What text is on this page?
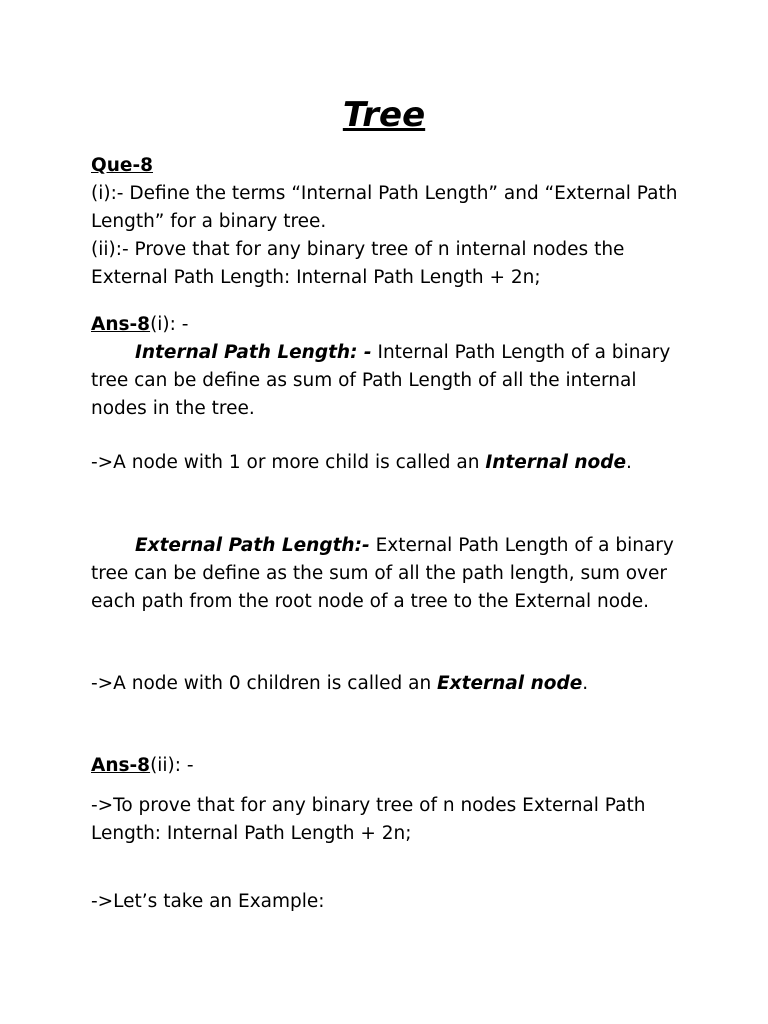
Tree
Que-8
(i):- Define the terms “Internal Path Length” and “External Path Length” for a binary tree.
(ii):- Prove that for any binary tree of n internal nodes the External Path Length: Internal Path Length + 2n;
Ans-8(i): -
Internal Path Length: - Internal Path Length of a binary tree can be define as sum of Path Length of all the internal nodes in the tree.
->A node with 1 or more child is called an Internal node.
External Path Length:- External Path Length of a binary tree can be define as the sum of all the path length, sum over each path from the root node of a tree to the External node.
->A node with 0 children is called an External node.
Ans-8(ii): -
->To prove that for any binary tree of n nodes External Path Length: Internal Path Length + 2n;
->Let’s take an Example:
